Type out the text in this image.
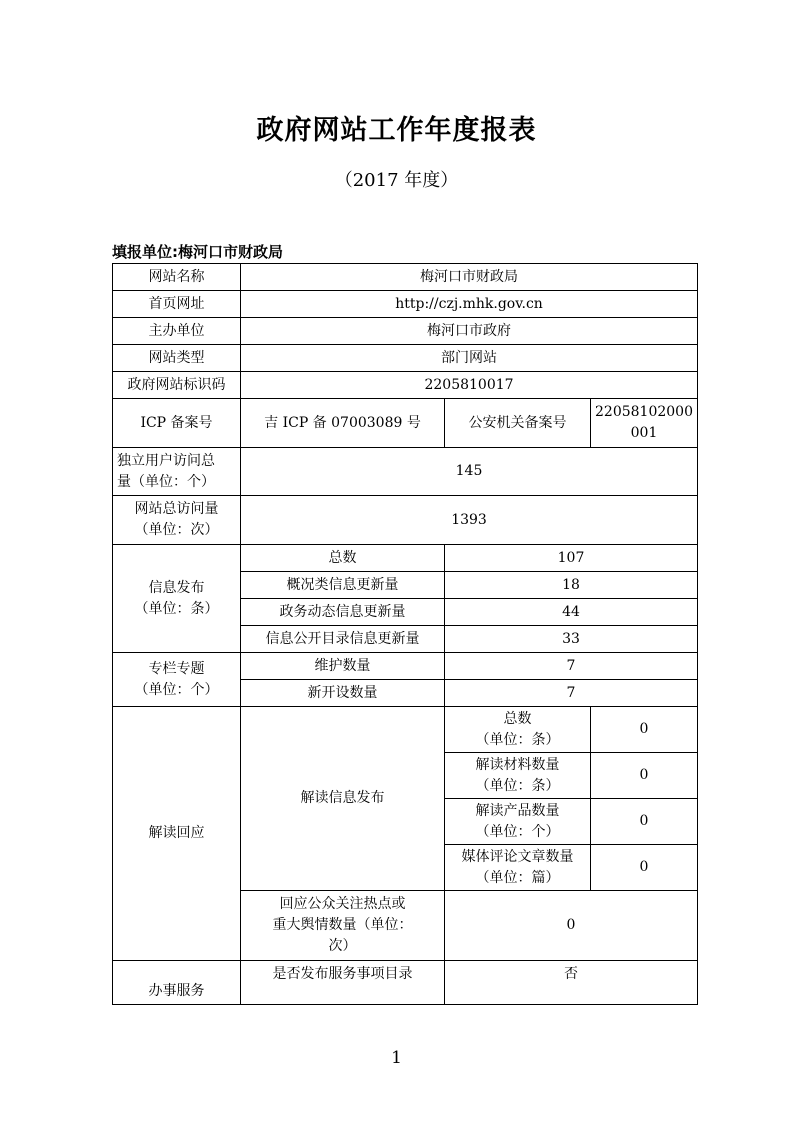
政府网站工作年度报表
（2017 年度）
填报单位:梅河口市财政局
网站名称	梅河口市财政局		
首页网址	http://czj.mhk.gov.cn		
主办单位	梅河口市政府		
网站类型	部门网站		
政府网站标识码	2205810017		
ICP 备案号	吉 ICP 备 07003089 号	公安机关备案号	22058102000
001

独立用户访问总
量（单位：个）	145		

网站总访问量
（单位：次）	1393		

信息发布
（单位：条）	总数	107	
	概况类信息更新量	18	
	政务动态信息更新量	44	
	信息公开目录信息更新量	33	

专栏专题
（单位：个）	维护数量	7	
	新开设数量	7	
解读回应	解读信息发布	总数
（单位：条）	0

		解读材料数量
（单位：条）	0

		解读产品数量
（单位：个）	0

		媒体评论文章数量
（单位：篇）	0

	回应公众关注热点或
重大舆情数量（单位：
次）	0	
办事服务	是否发布服务事项目录	否	
1
